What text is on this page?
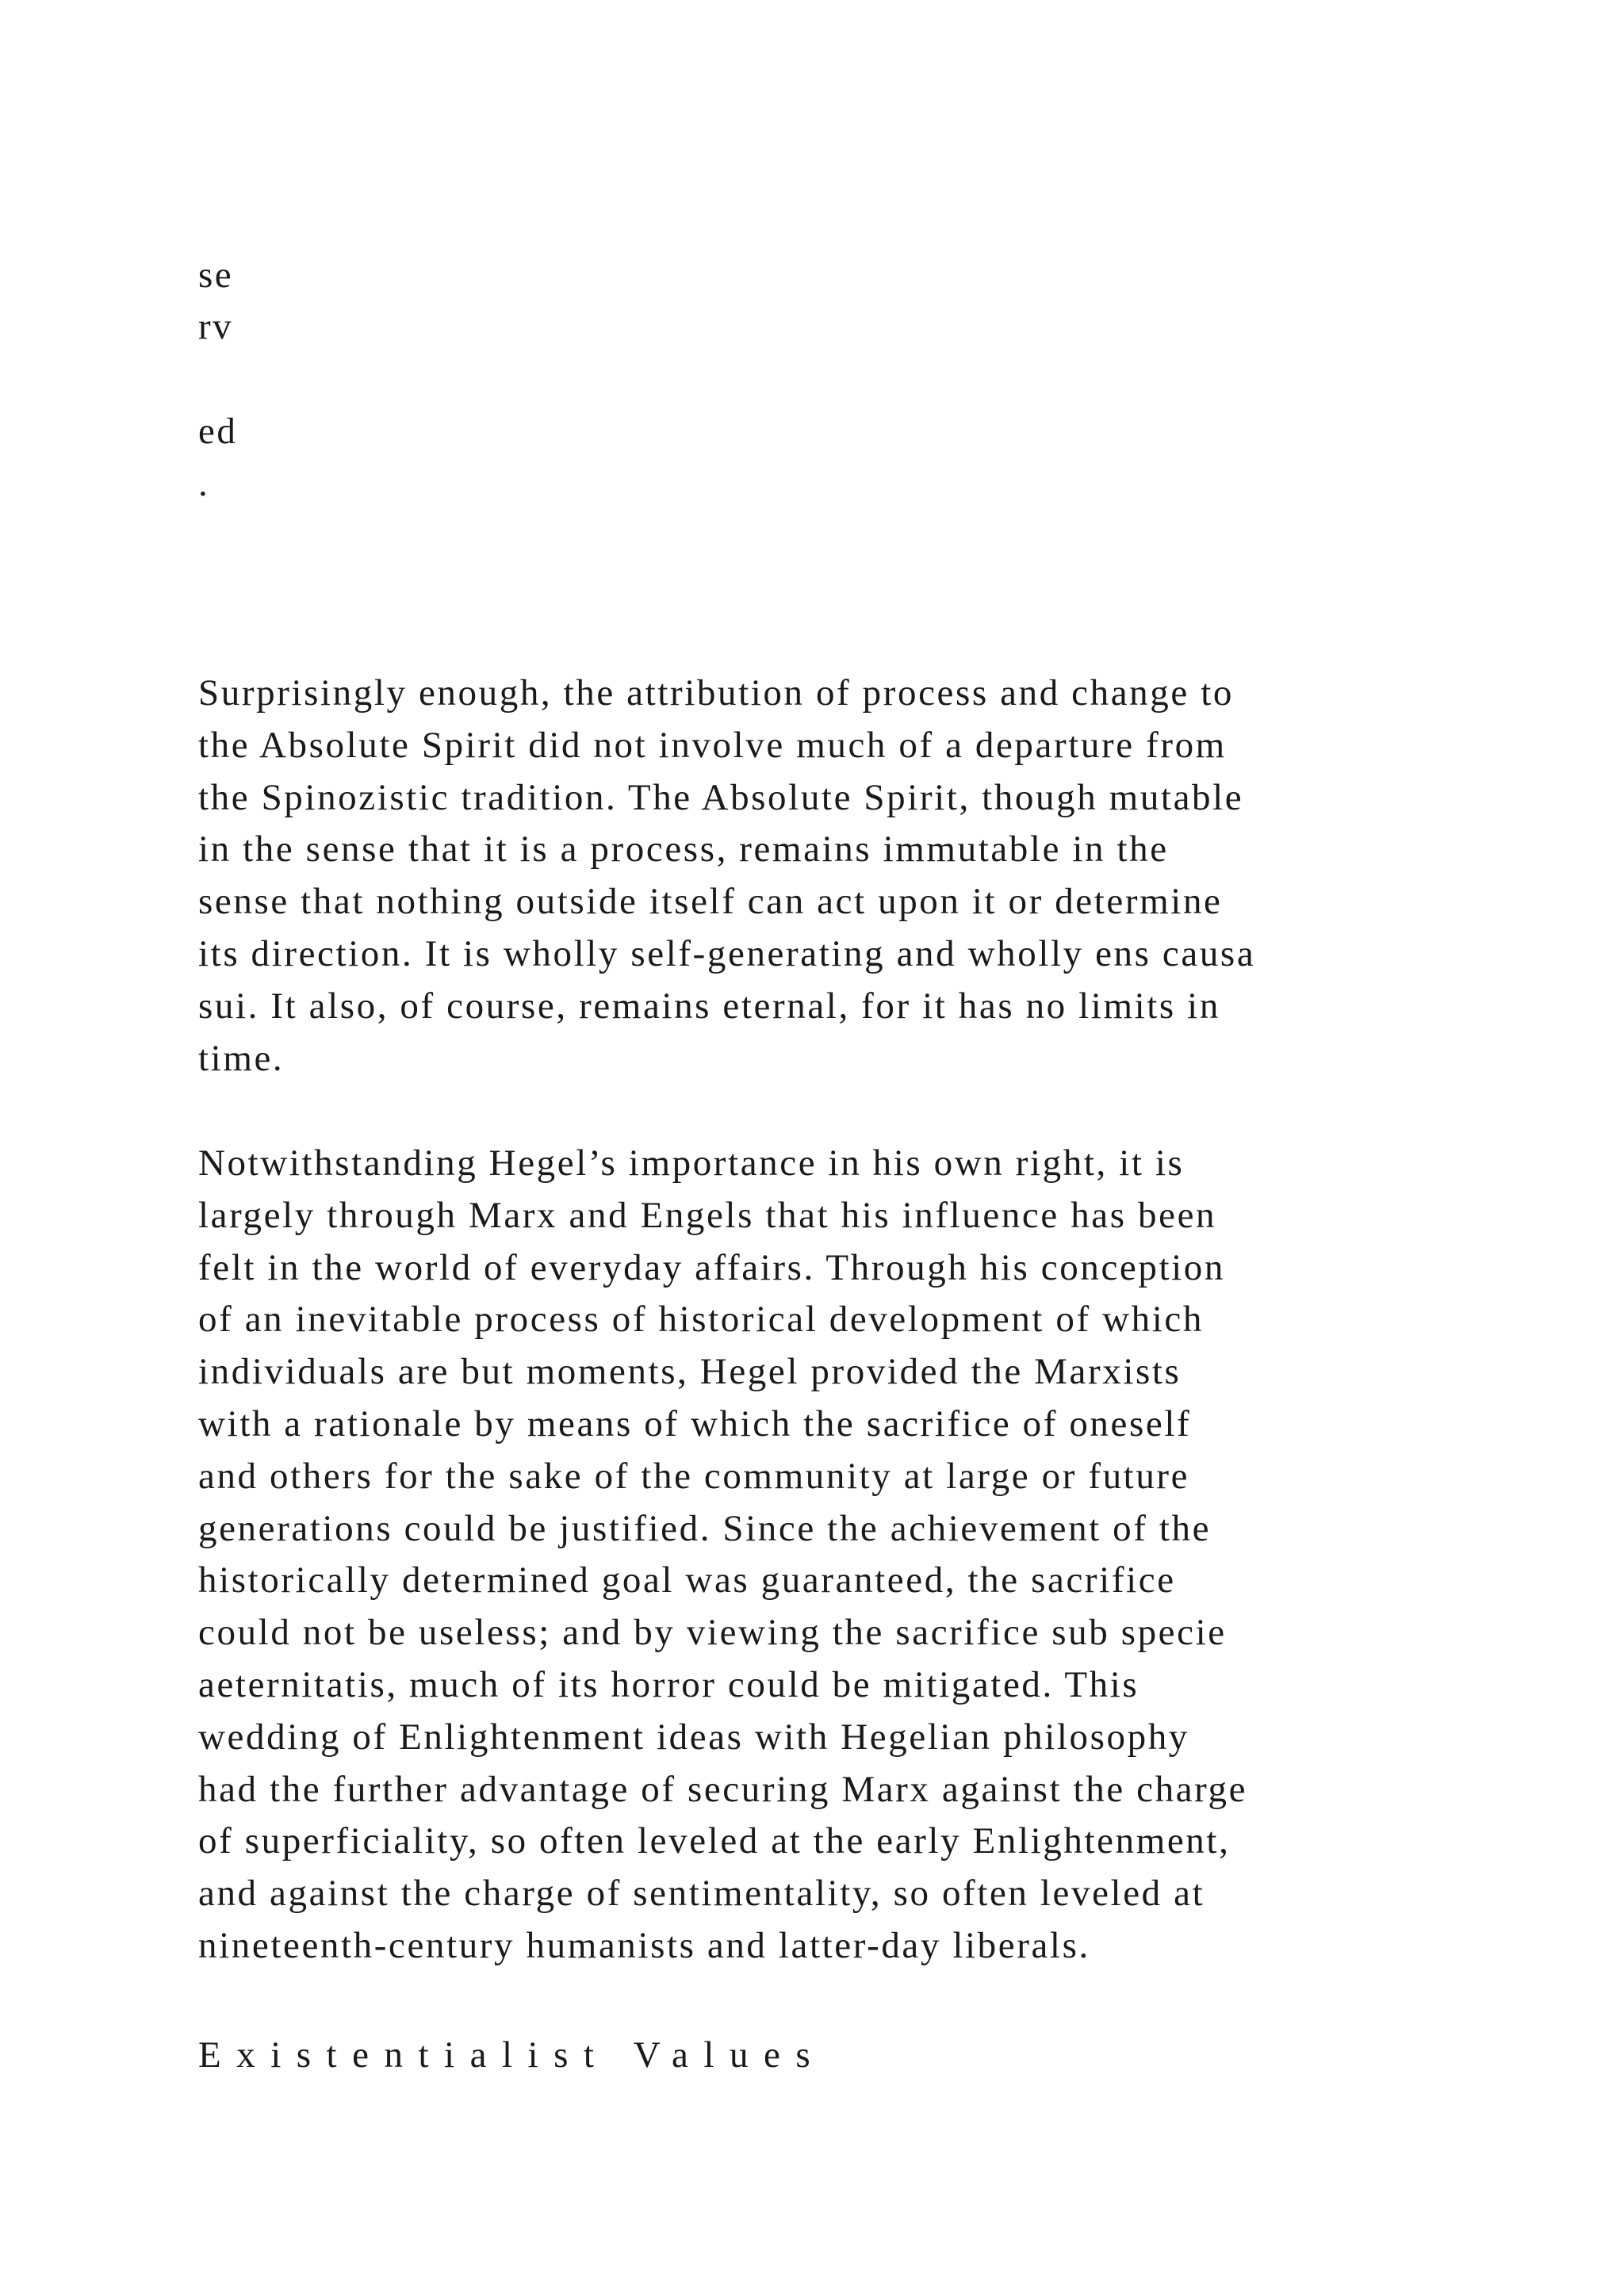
se

rv

ed

.

Surprisingly enough, the attribution of process and change to
the Absolute Spirit did not involve much of a departure from
the Spinozistic tradition. The Absolute Spirit, though mutable
in the sense that it is a process, remains immutable in the
sense that nothing outside itself can act upon it or determine
its direction. It is wholly self-generating and wholly ens causa
sui. It also, of course, remains eternal, for it has no limits in
time.

Notwithstanding Hegel’s importance in his own right, it is
largely through Marx and Engels that his influence has been
felt in the world of everyday affairs. Through his conception
of an inevitable process of historical development of which
individuals are but moments, Hegel provided the Marxists
with a rationale by means of which the sacrifice of oneself
and others for the sake of the community at large or future
generations could be justified. Since the achievement of the
historically determined goal was guaranteed, the sacrifice
could not be useless; and by viewing the sacrifice sub specie
aeternitatis, much of its horror could be mitigated. This
wedding of Enlightenment ideas with Hegelian philosophy
had the further advantage of securing Marx against the charge
of superficiality, so often leveled at the early Enlightenment,
and against the charge of sentimentality, so often leveled at
nineteenth-century humanists and latter-day liberals.

Existentialist Values
